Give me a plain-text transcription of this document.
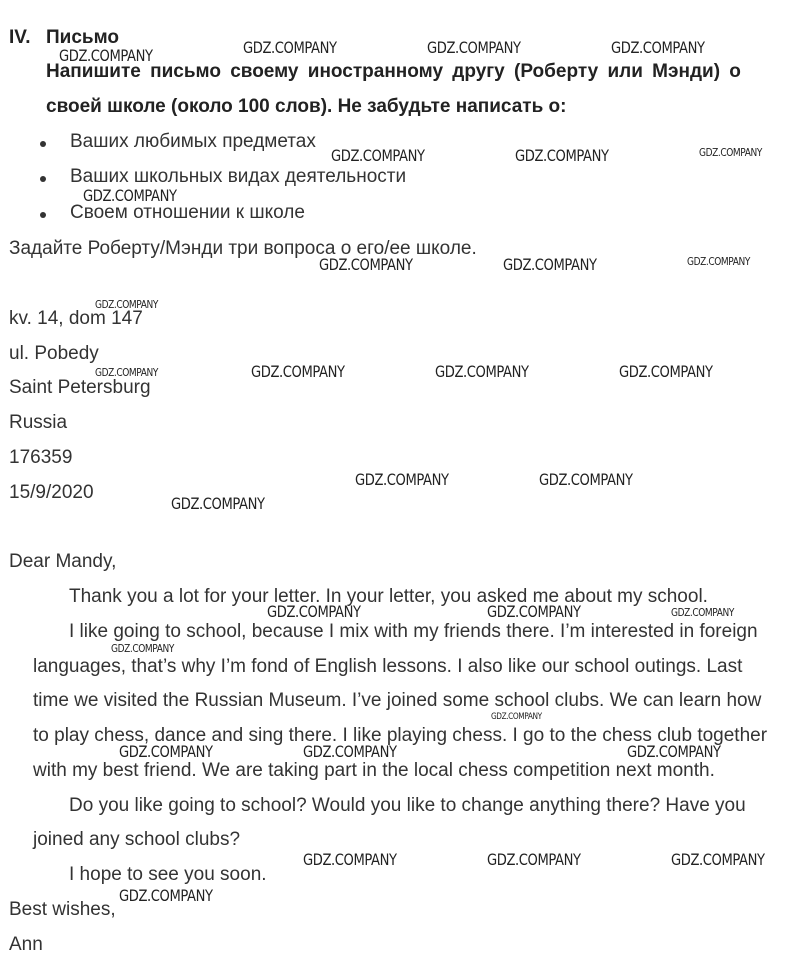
IV. Письмо
Напишите письмо своему иностранному другу (Роберту или Мэнди) о
своей школе (около 100 слов). Не забудьте написать о:
Ваших любимых предметах
Ваших школьных видах деятельности
Своем отношении к школе
Задайте Роберту/Мэнди три вопроса о его/ее школе.
kv. 14, dom 147
ul. Pobedy
Saint Petersburg
Russia
176359
15/9/2020
Dear Mandy,
Thank you a lot for your letter. In your letter, you asked me about my school.
I like going to school, because I mix with my friends there. I’m interested in foreign
languages, that’s why I’m fond of English lessons. I also like our school outings. Last
time we visited the Russian Museum. I’ve joined some school clubs. We can learn how
to play chess, dance and sing there. I like playing chess. I go to the chess club together
with my best friend. We are taking part in the local chess competition next month.
Do you like going to school? Would you like to change anything there? Have you
joined any school clubs?
I hope to see you soon.
Best wishes,
Ann
GDZ.COMPANY	GDZ.COMPANY	GDZ.COMPANY	GDZ.COMPANY
GDZ.COMPANY	GDZ.COMPANY	GDZ.COMPANY
GDZ.COMPANY
GDZ.COMPANY	GDZ.COMPANY	GDZ.COMPANY
GDZ.COMPANY
GDZ.COMPANY	GDZ.COMPANY	GDZ.COMPANY	GDZ.COMPANY
GDZ.COMPANY	GDZ.COMPANY
GDZ.COMPANY
GDZ.COMPANY	GDZ.COMPANY	GDZ.COMPANY
GDZ.COMPANY
GDZ.COMPANY
GDZ.COMPANY	GDZ.COMPANY	GDZ.COMPANY
GDZ.COMPANY	GDZ.COMPANY	GDZ.COMPANY
GDZ.COMPANY
